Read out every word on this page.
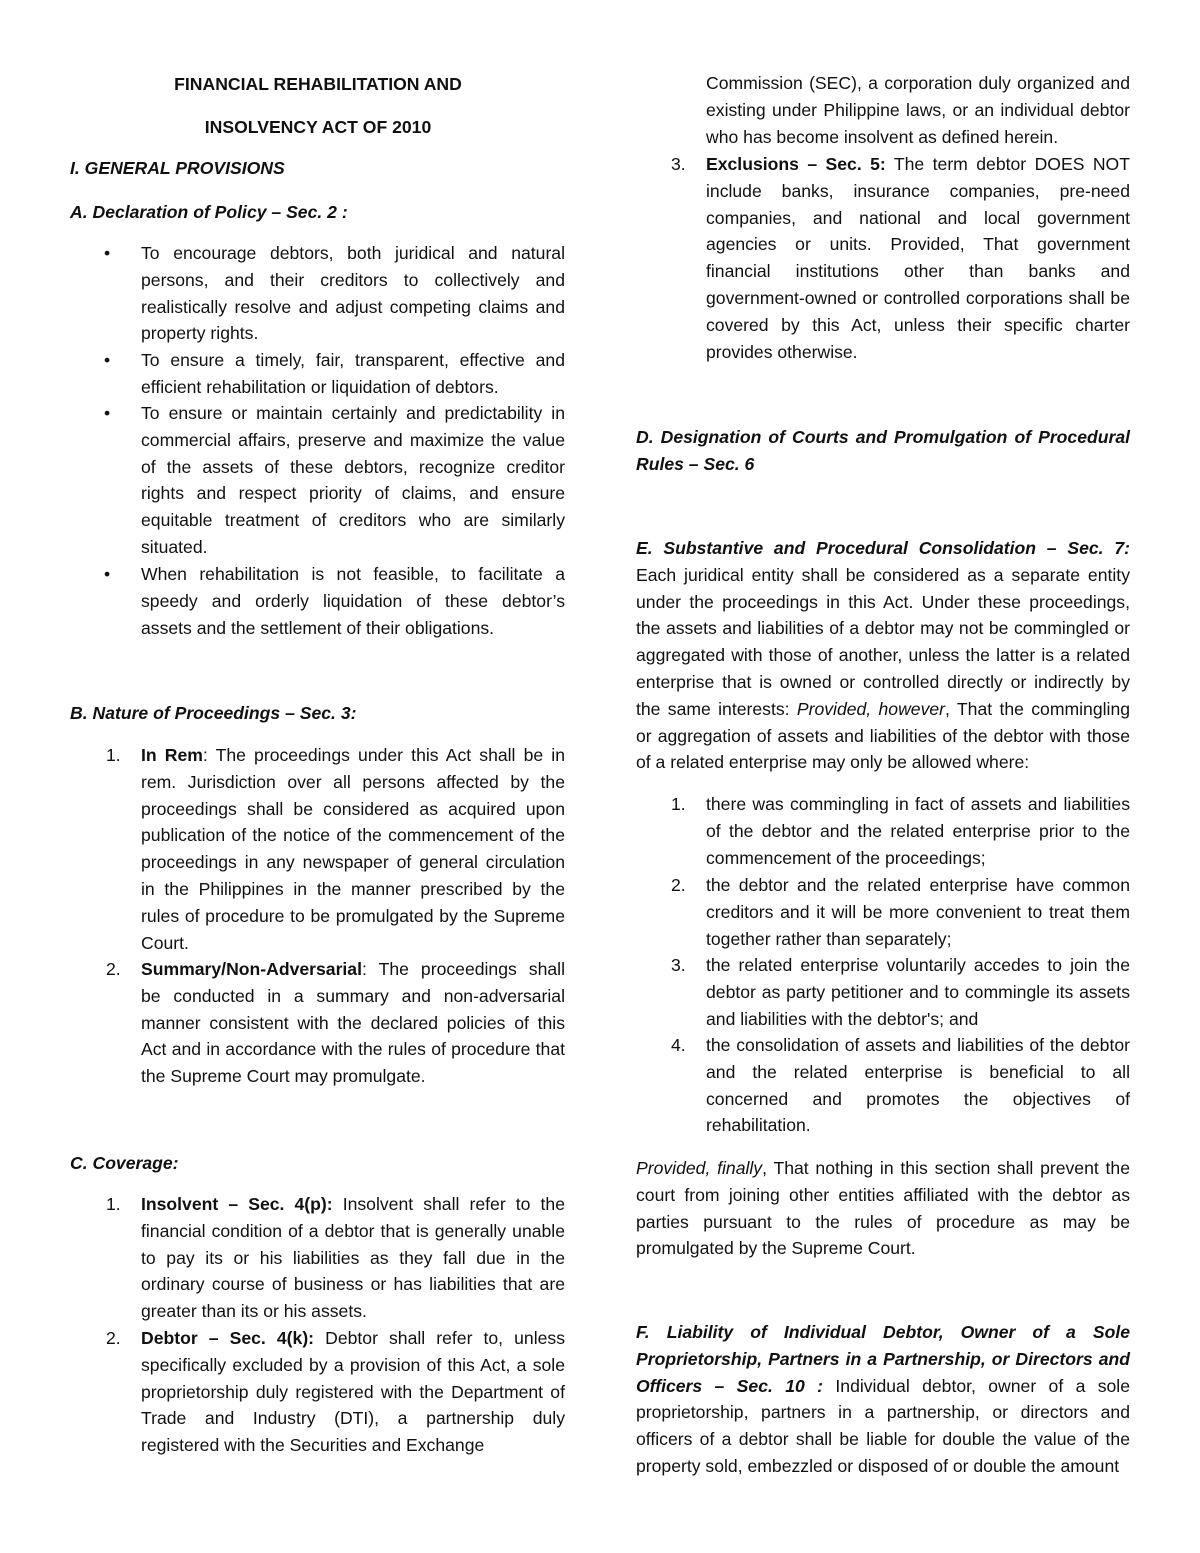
FINANCIAL REHABILITATION AND
INSOLVENCY ACT OF 2010
I. GENERAL PROVISIONS
A. Declaration of Policy – Sec. 2 :
• To encourage debtors, both juridical and natural persons, and their creditors to collectively and realistically resolve and adjust competing claims and property rights.
• To ensure a timely, fair, transparent, effective and efficient rehabilitation or liquidation of debtors.
• To ensure or maintain certainly and predictability in commercial affairs, preserve and maximize the value of the assets of these debtors, recognize creditor rights and respect priority of claims, and ensure equitable treatment of creditors who are similarly situated.
• When rehabilitation is not feasible, to facilitate a speedy and orderly liquidation of these debtor’s assets and the settlement of their obligations.
B. Nature of Proceedings – Sec. 3:
1. In Rem: The proceedings under this Act shall be in rem. Jurisdiction over all persons affected by the proceedings shall be considered as acquired upon publication of the notice of the commencement of the proceedings in any newspaper of general circulation in the Philippines in the manner prescribed by the rules of procedure to be promulgated by the Supreme Court.
2. Summary/Non-Adversarial: The proceedings shall be conducted in a summary and non-adversarial manner consistent with the declared policies of this Act and in accordance with the rules of procedure that the Supreme Court may promulgate.
C. Coverage:
1. Insolvent – Sec. 4(p): Insolvent shall refer to the financial condition of a debtor that is generally unable to pay its or his liabilities as they fall due in the ordinary course of business or has liabilities that are greater than its or his assets.
2. Debtor – Sec. 4(k): Debtor shall refer to, unless specifically excluded by a provision of this Act, a sole proprietorship duly registered with the Department of Trade and Industry (DTI), a partnership duly registered with the Securities and Exchange
Commission (SEC), a corporation duly organized and existing under Philippine laws, or an individual debtor who has become insolvent as defined herein.
3. Exclusions – Sec. 5: The term debtor DOES NOT include banks, insurance companies, pre-need companies, and national and local government agencies or units. Provided, That government financial institutions other than banks and government-owned or controlled corporations shall be covered by this Act, unless their specific charter provides otherwise.
D. Designation of Courts and Promulgation of Procedural Rules – Sec. 6
E. Substantive and Procedural Consolidation – Sec. 7: Each juridical entity shall be considered as a separate entity under the proceedings in this Act. Under these proceedings, the assets and liabilities of a debtor may not be commingled or aggregated with those of another, unless the latter is a related enterprise that is owned or controlled directly or indirectly by the same interests: Provided, however, That the commingling or aggregation of assets and liabilities of the debtor with those of a related enterprise may only be allowed where:
1. there was commingling in fact of assets and liabilities of the debtor and the related enterprise prior to the commencement of the proceedings;
2. the debtor and the related enterprise have common creditors and it will be more convenient to treat them together rather than separately;
3. the related enterprise voluntarily accedes to join the debtor as party petitioner and to commingle its assets and liabilities with the debtor's; and
4. the consolidation of assets and liabilities of the debtor and the related enterprise is beneficial to all concerned and promotes the objectives of rehabilitation.
Provided, finally, That nothing in this section shall prevent the court from joining other entities affiliated with the debtor as parties pursuant to the rules of procedure as may be promulgated by the Supreme Court.
F. Liability of Individual Debtor, Owner of a Sole Proprietorship, Partners in a Partnership, or Directors and Officers – Sec. 10 : Individual debtor, owner of a sole proprietorship, partners in a partnership, or directors and officers of a debtor shall be liable for double the value of the property sold, embezzled or disposed of or double the amount
